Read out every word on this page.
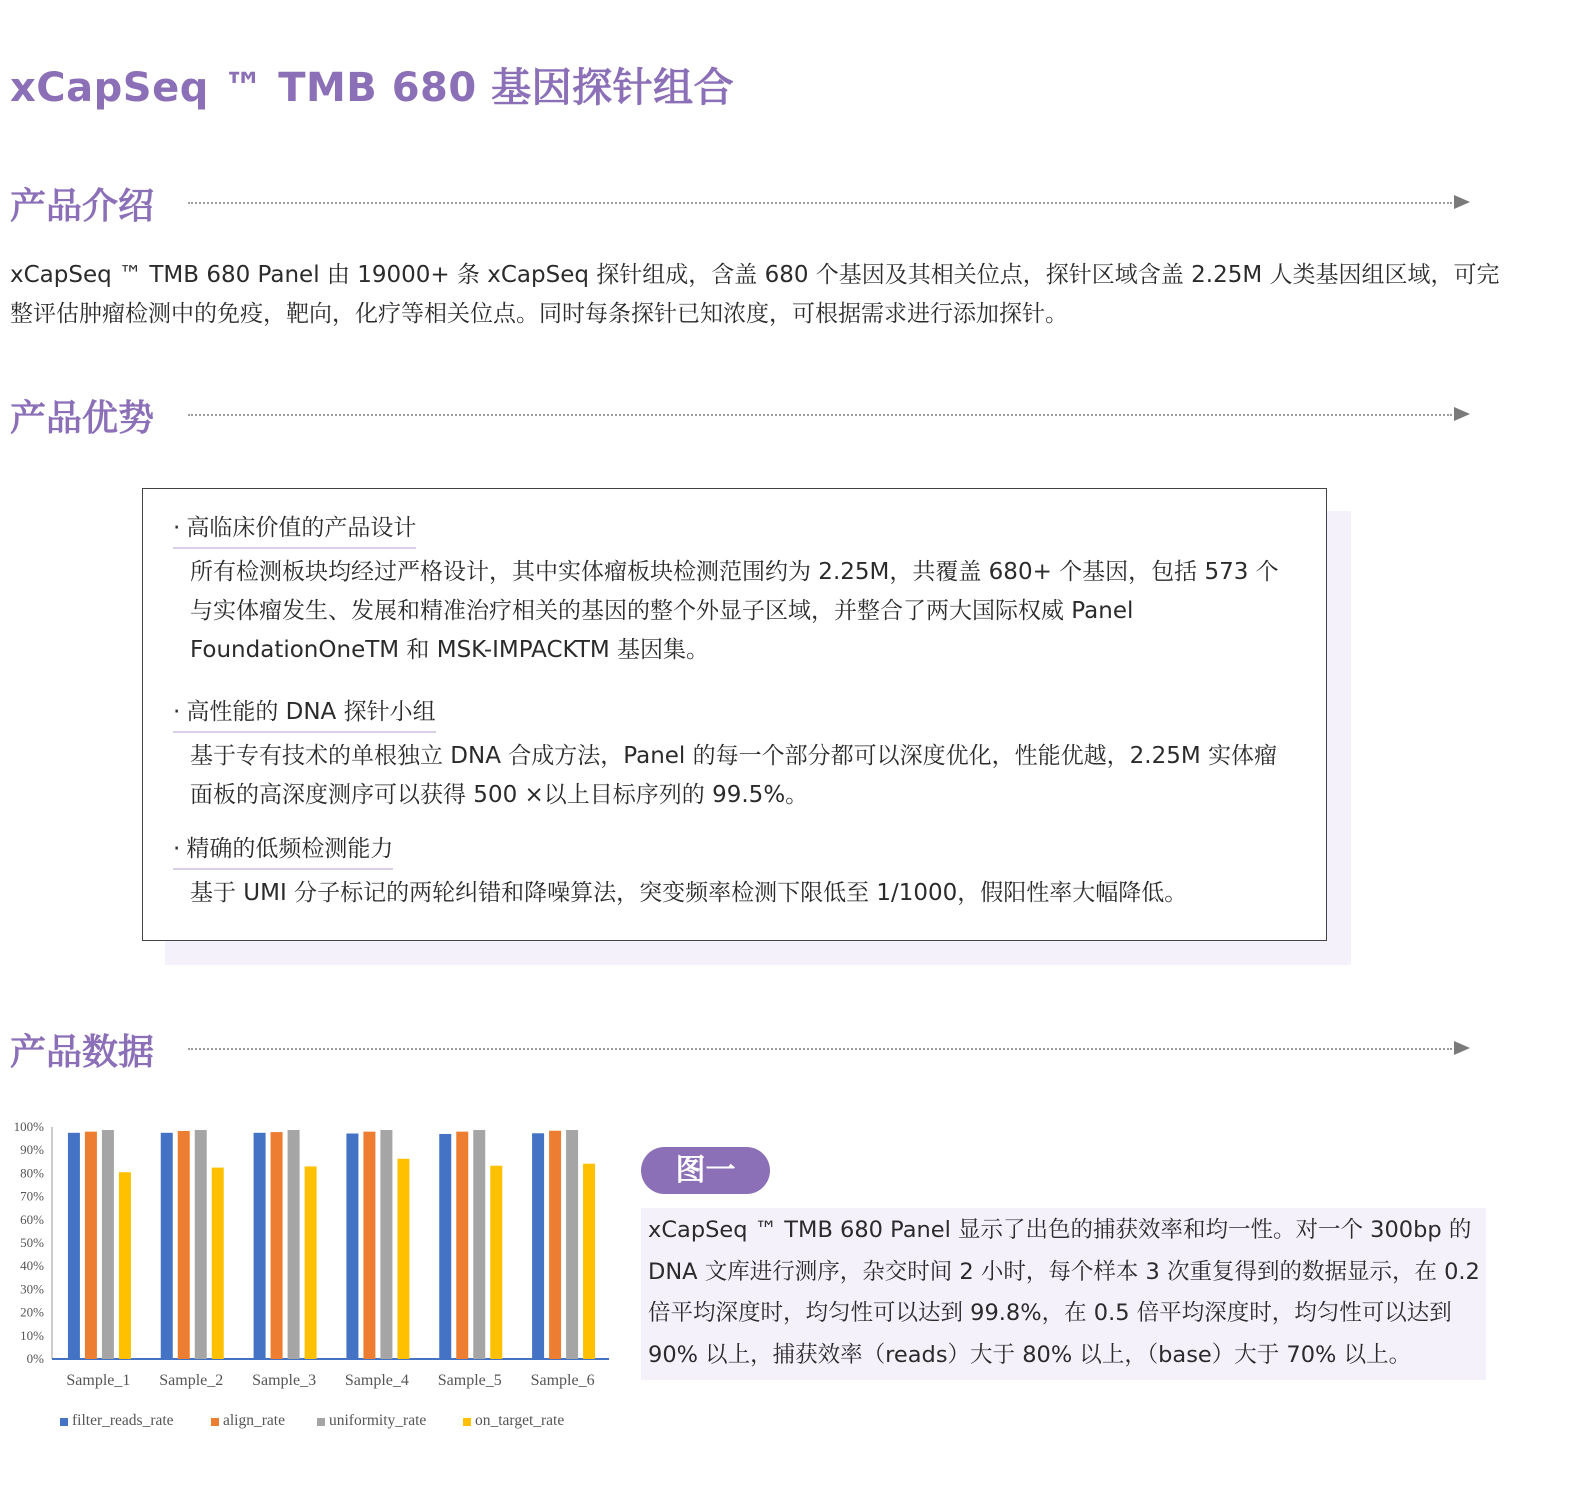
xCapSeq ™ TMB 680 基因探针组合
产品介绍

xCapSeq ™ TMB 680 Panel 由 19000+ 条 xCapSeq 探针组成，含盖 680 个基因及其相关位点，探针区域含盖 2.25M 人类基因组区域，可完整评估肿瘤检测中的免疫，靶向，化疗等相关位点。同时每条探针已知浓度，可根据需求进行添加探针。

产品优势
· 高临床价值的产品设计
所有检测板块均经过严格设计，其中实体瘤板块检测范围约为 2.25M，共覆盖 680+ 个基因，包括 573 个与实体瘤发生、发展和精准治疗相关的基因的整个外显子区域，并整合了两大国际权威 Panel FoundationOneTM 和 MSK-IMPACKTM 基因集。
· 高性能的 DNA 探针小组
基于专有技术的单根独立 DNA 合成方法，Panel 的每一个部分都可以深度优化，性能优越，2.25M 实体瘤面板的高深度测序可以获得 500 ×以上目标序列的 99.5%。
· 精确的低频检测能力
基于 UMI 分子标记的两轮纠错和降噪算法，突变频率检测下限低至 1/1000，假阳性率大幅降低。
产品数据
0%
10%
20%
30%
40%
50%
60%
70%
80%
90%
100%
Sample_1 Sample_2 Sample_3 Sample_4 Sample_5 Sample_6
filter_reads_rate	align_rate	uniformity_rate	on_target_rate
图一

xCapSeq ™ TMB 680 Panel 显示了出色的捕获效率和均一性。对一个 300bp 的 DNA 文库进行测序，杂交时间 2 小时，每个样本 3 次重复得到的数据显示，在 0.2 倍平均深度时，均匀性可以达到 99.8%，在 0.5 倍平均深度时，均匀性可以达到 90% 以上，捕获效率（reads）大于 80% 以上，（base）大于 70% 以上。
